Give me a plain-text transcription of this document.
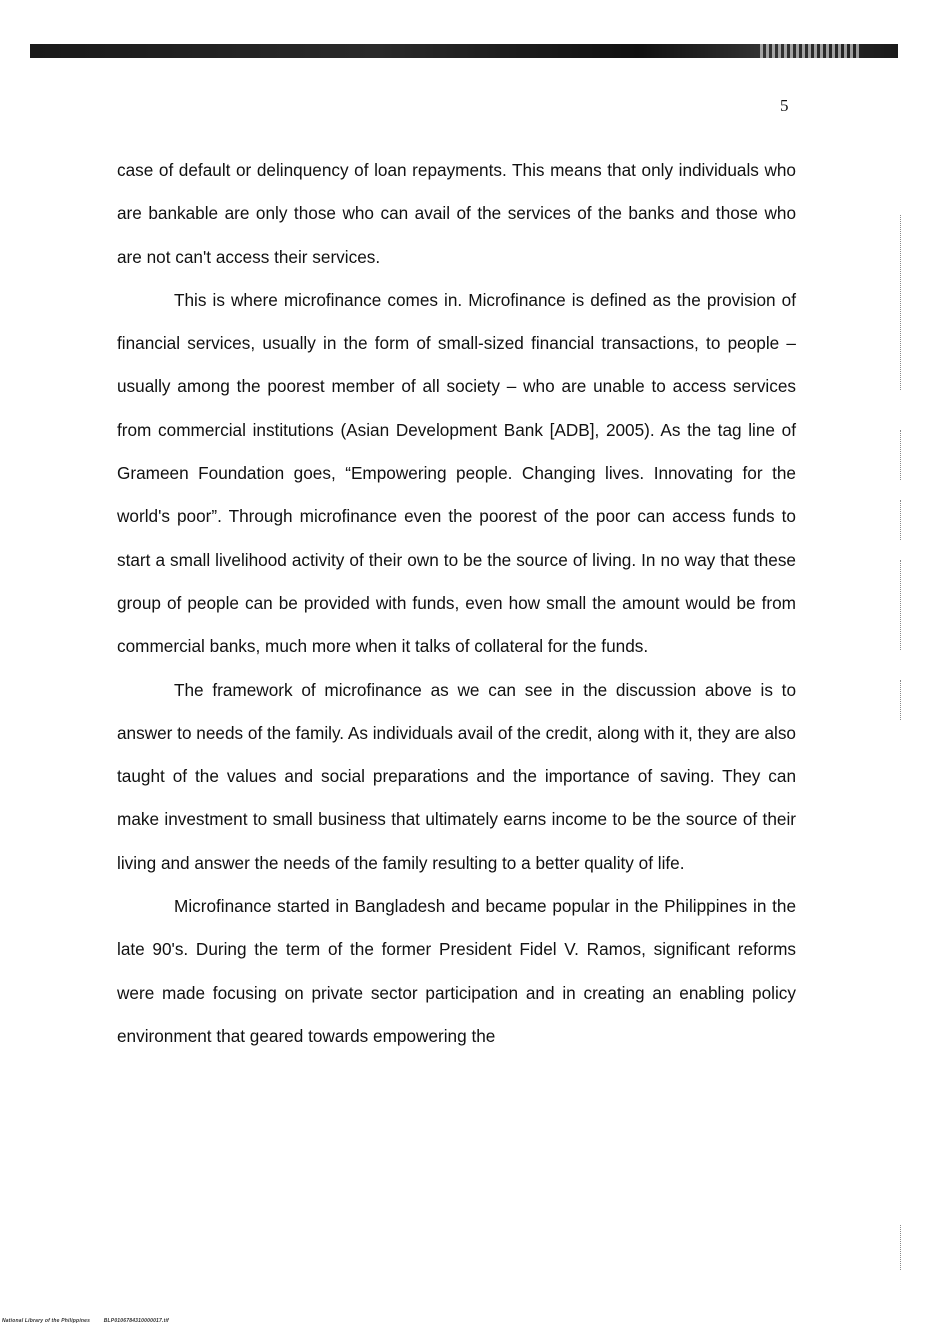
5

case of default or delinquency of loan repayments. This means that only individuals who are bankable are only those who can avail of the services of the banks and those who are not can't access their services.

This is where microfinance comes in. Microfinance is defined as the provision of financial services, usually in the form of small-sized financial transactions, to people – usually among the poorest member of all society – who are unable to access services from commercial institutions (Asian Development Bank [ADB], 2005). As the tag line of Grameen Foundation goes, “Empowering people. Changing lives. Innovating for the world's poor”. Through microfinance even the poorest of the poor can access funds to start a small livelihood activity of their own to be the source of living. In no way that these group of people can be provided with funds, even how small the amount would be from commercial banks, much more when it talks of collateral for the funds.

The framework of microfinance as we can see in the discussion above is to answer to needs of the family. As individuals avail of the credit, along with it, they are also taught of the values and social preparations and the importance of saving. They can make investment to small business that ultimately earns income to be the source of their living and answer the needs of the family resulting to a better quality of life.

Microfinance started in Bangladesh and became popular in the Philippines in the late 90's. During the term of the former President Fidel V. Ramos, significant reforms were made focusing on private sector participation and in creating an enabling policy environment that geared towards empowering the

National Library of the Philippines	BLP0106784310000017.tif
